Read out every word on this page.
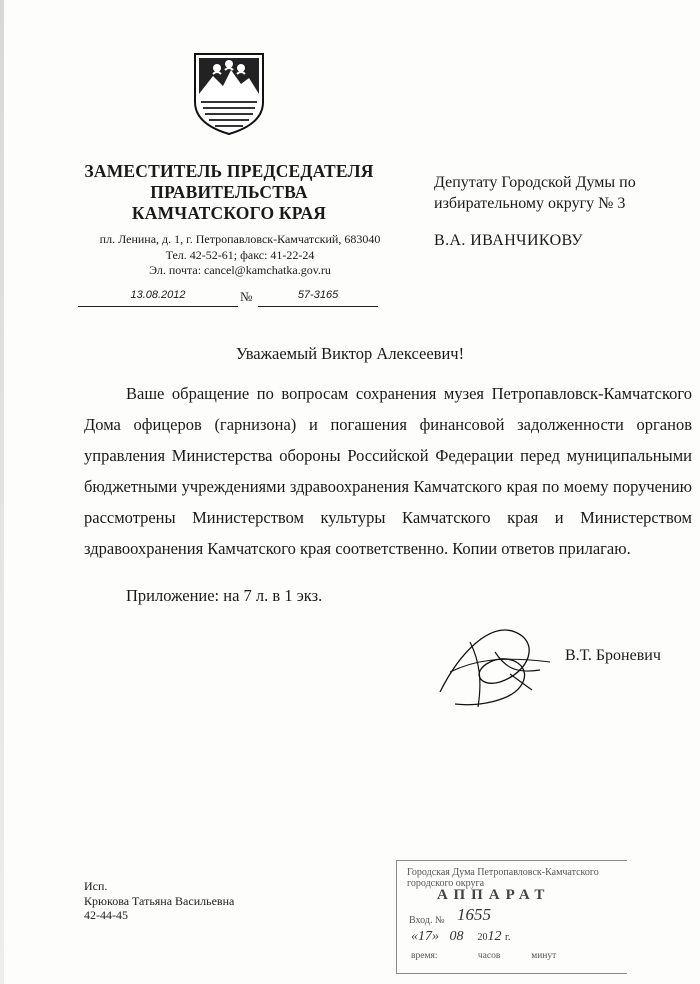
ЗАМЕСТИТЕЛЬ ПРЕДСЕДАТЕЛЯ
ПРАВИТЕЛЬСТВА
КАМЧАТСКОГО КРАЯ
пл. Ленина, д. 1, г. Петропавловск-Камчатский, 683040
Тел. 42-52-61; факс: 41-22-24
Эл. почта: cancel@kamchatka.gov.ru
13.08.2012	№	57-3165
Депутату Городской Думы по
избирательному округу № 3
В.А. ИВАНЧИКОВУ
Уважаемый Виктор Алексеевич!

Ваше обращение по вопросам сохранения музея Петропавловск-Камчатского Дома офицеров (гарнизона) и погашения финансовой задолженности органов управления Министерства обороны Российской Федерации перед муниципальными бюджетными учреждениями здравоохранения Камчатского края по моему поручению рассмотрены Министерством культуры Камчатского края и Министерством здравоохранения Камчатского края соответственно. Копии ответов прилагаю.

Приложение: на 7 л. в 1 экз.
В.Т. Броневич
Исп.
Крюкова Татьяна Васильевна
42-44-45
Городская Дума Петропавловск-Камчатского городского округа
АППАРАТ
Вход. № 1655
«17»   08 2012 г.
время:	часов	минут
